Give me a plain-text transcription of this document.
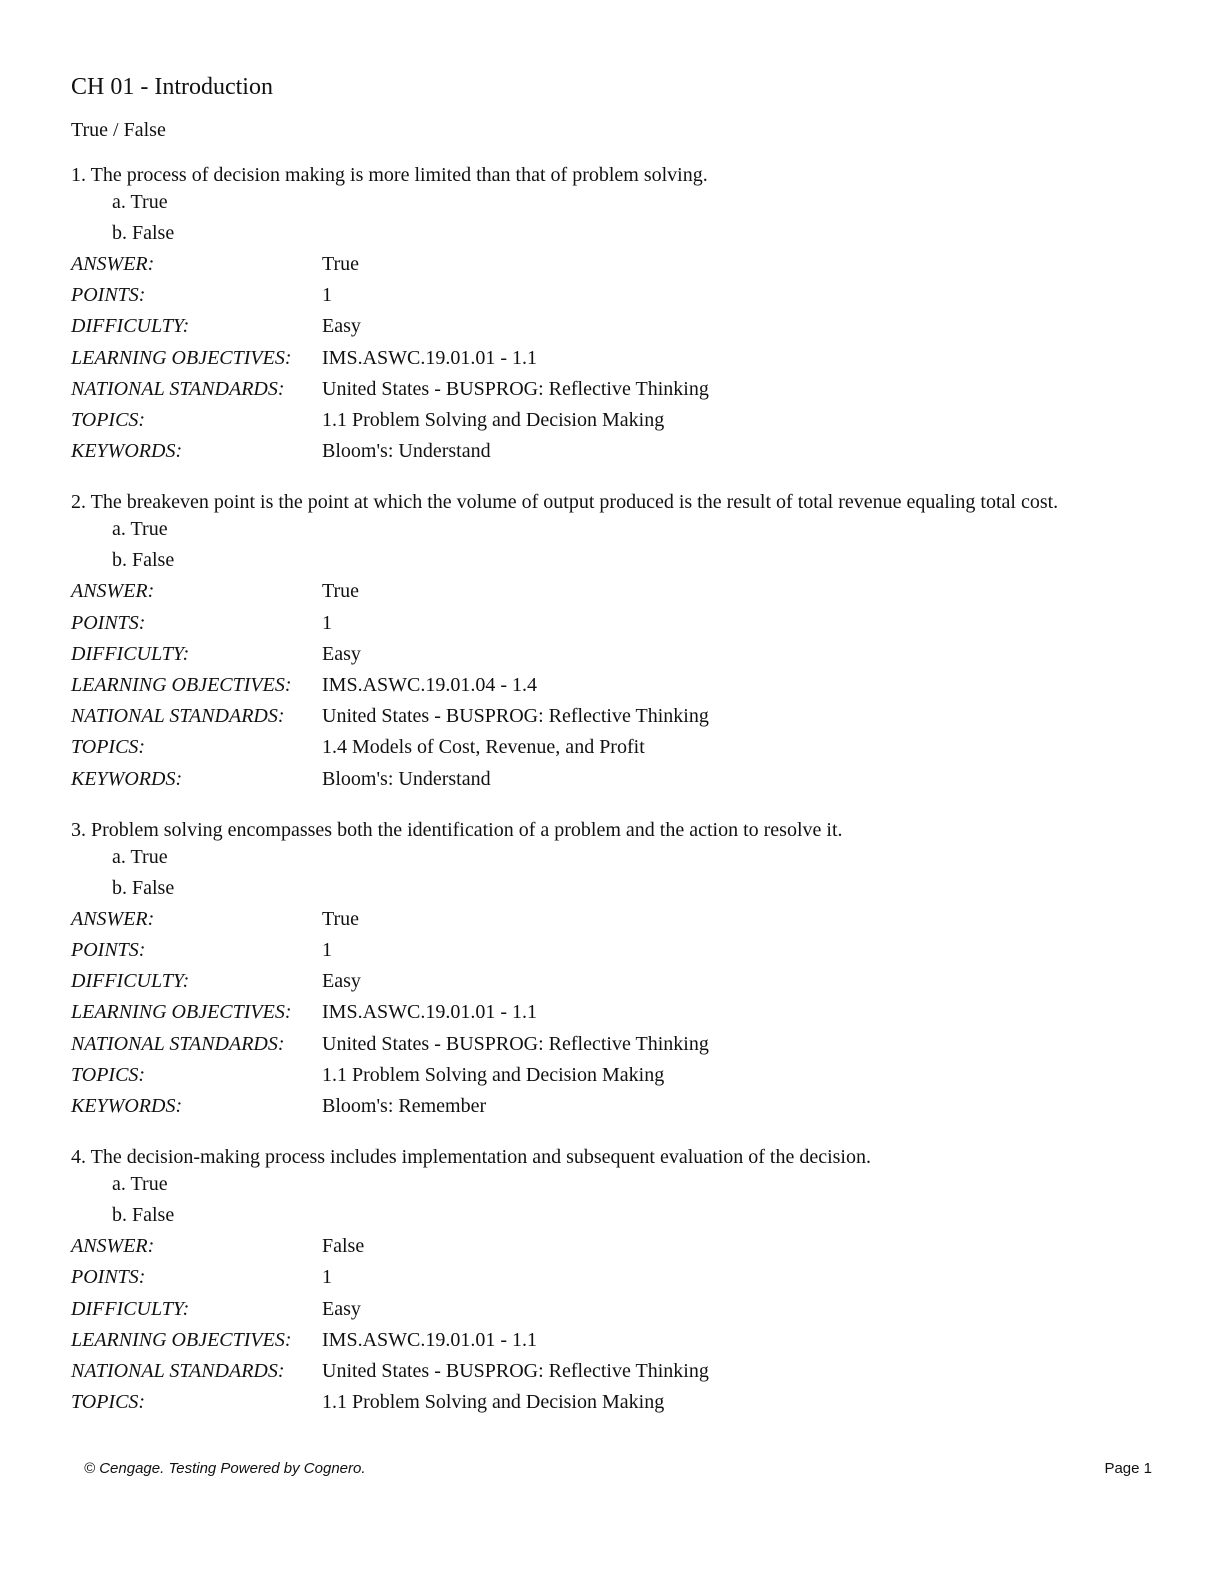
CH 01 - Introduction
True / False

1. The process of decision making is more limited than that of problem solving.

a. True
b. False
ANSWER:	True
POINTS:	1
DIFFICULTY:	Easy
LEARNING OBJECTIVES:	IMS.ASWC.19.01.01 - 1.1
NATIONAL STANDARDS:	United States - BUSPROG: Reflective Thinking
TOPICS:	1.1 Problem Solving and Decision Making
KEYWORDS:	Bloom's: Understand

2. The breakeven point is the point at which the volume of output produced is the result of total revenue equaling total cost.

a. True
b. False
ANSWER:	True
POINTS:	1
DIFFICULTY:	Easy
LEARNING OBJECTIVES:	IMS.ASWC.19.01.04 - 1.4
NATIONAL STANDARDS:	United States - BUSPROG: Reflective Thinking
TOPICS:	1.4 Models of Cost, Revenue, and Profit
KEYWORDS:	Bloom's: Understand

3. Problem solving encompasses both the identification of a problem and the action to resolve it.

a. True
b. False
ANSWER:	True
POINTS:	1
DIFFICULTY:	Easy
LEARNING OBJECTIVES:	IMS.ASWC.19.01.01 - 1.1
NATIONAL STANDARDS:	United States - BUSPROG: Reflective Thinking
TOPICS:	1.1 Problem Solving and Decision Making
KEYWORDS:	Bloom's: Remember

4. The decision-making process includes implementation and subsequent evaluation of the decision.

a. True
b. False
ANSWER:	False
POINTS:	1
DIFFICULTY:	Easy
LEARNING OBJECTIVES:	IMS.ASWC.19.01.01 - 1.1
NATIONAL STANDARDS:	United States - BUSPROG: Reflective Thinking
TOPICS:	1.1 Problem Solving and Decision Making
© Cengage. Testing Powered by Cognero.	Page 1
